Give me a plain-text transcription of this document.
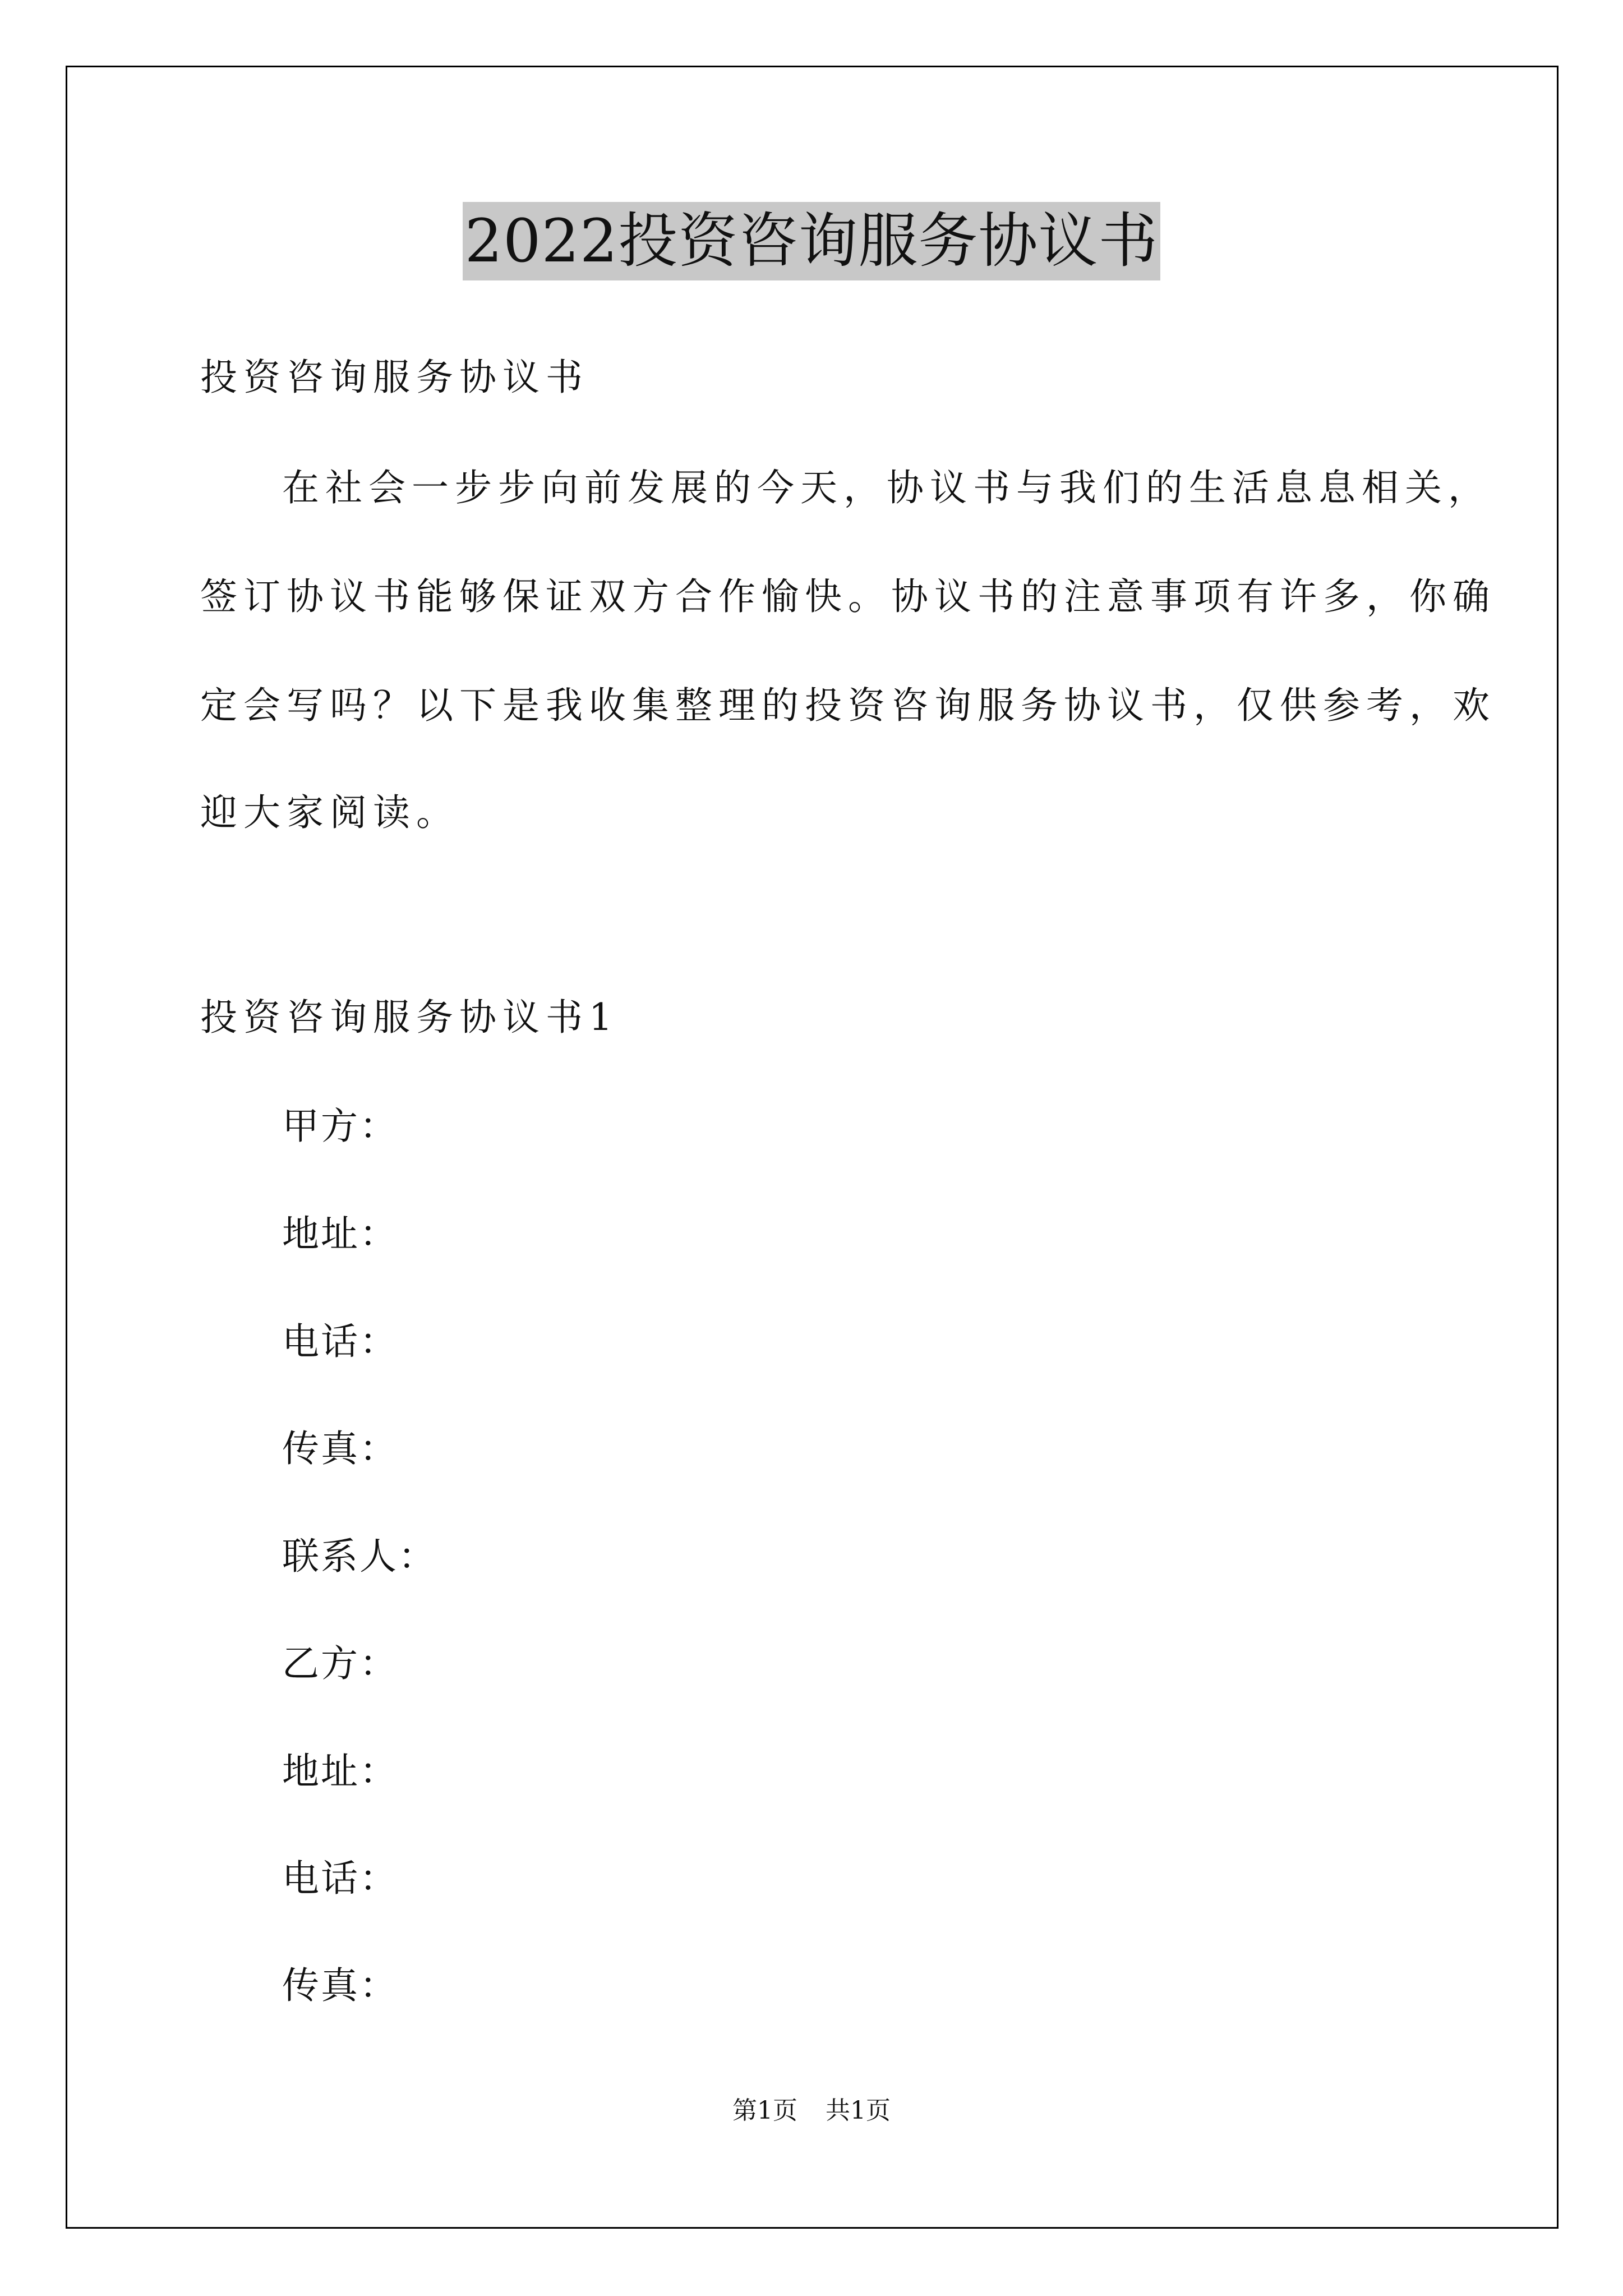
2022投资咨询服务协议书
投资咨询服务协议书
在社会一步步向前发展的今天，协议书与我们的生活息息相关，
签订协议书能够保证双方合作愉快。协议书的注意事项有许多，你确
定会写吗？以下是我收集整理的投资咨询服务协议书，仅供参考，欢
迎大家阅读。
投资咨询服务协议书1
甲方：
地址：
电话：
传真：
联系人：
乙方：
地址：
电话：
传真：
第1页 共1页
